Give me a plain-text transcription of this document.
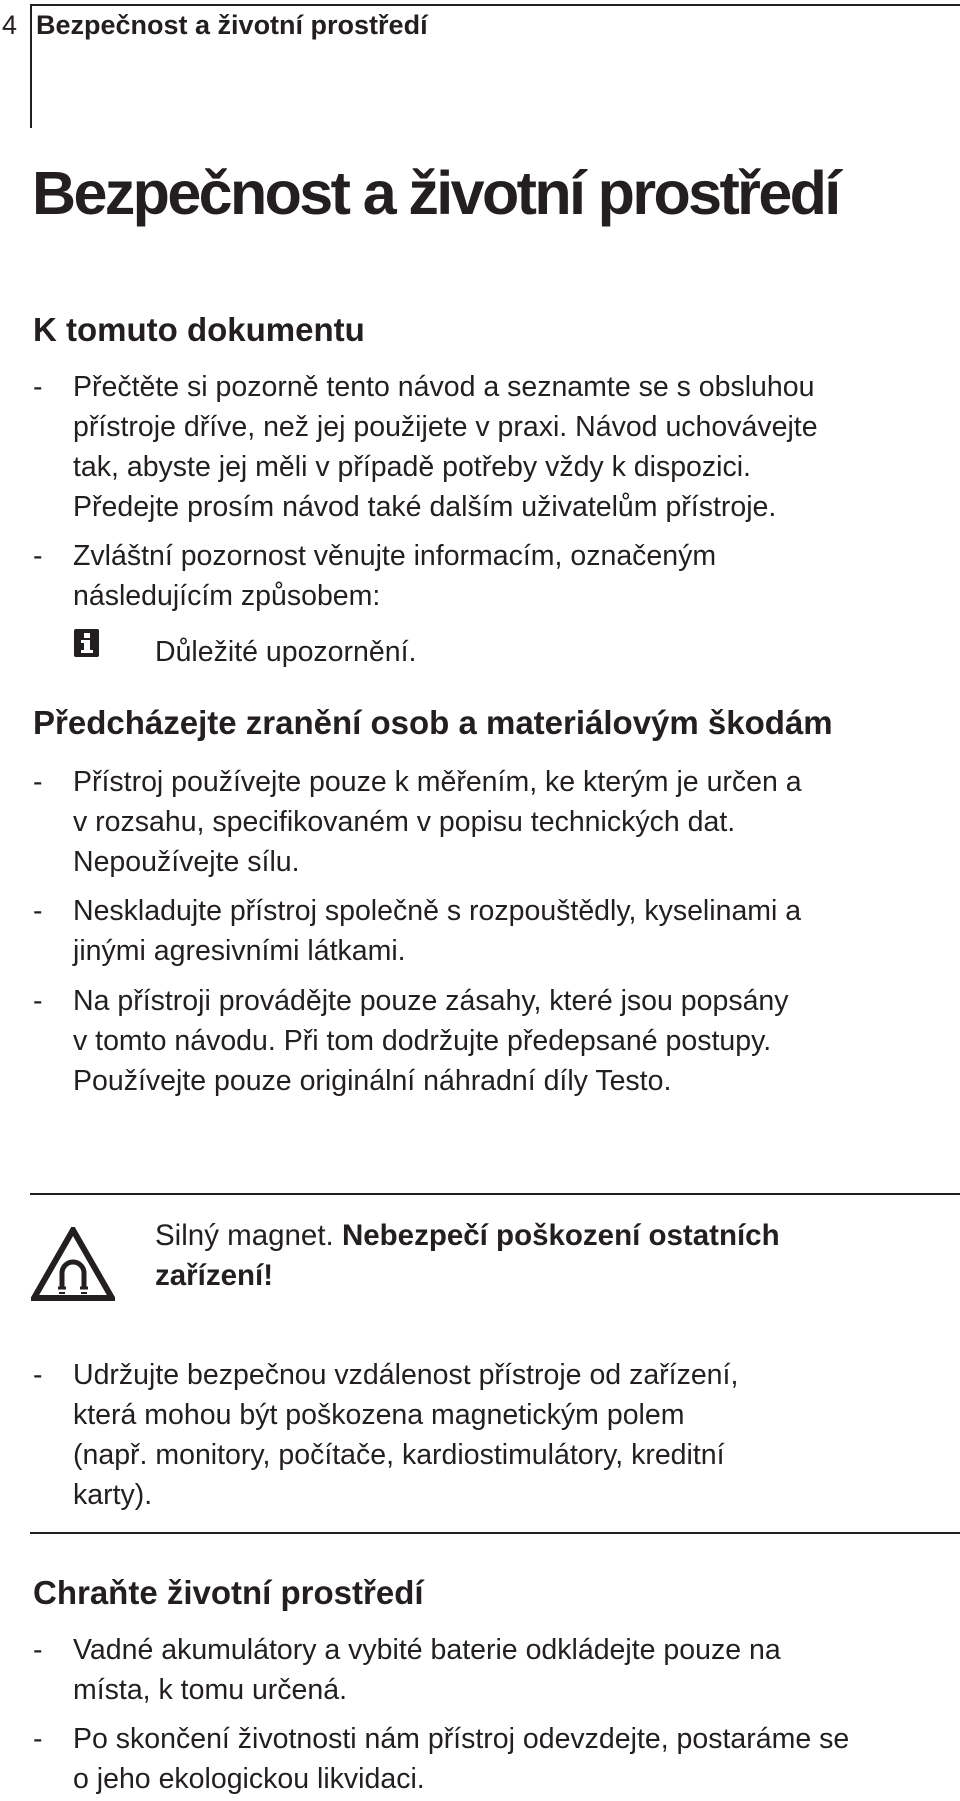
4 Bezpečnost a životní prostředí
Bezpečnost a životní prostředí
K tomuto dokumentu
- Přečtěte si pozorně tento návod a seznamte se s obsluhou
přístroje dříve, než jej použijete v praxi. Návod uchovávejte
tak, abyste jej měli v případě potřeby vždy k dispozici.
Předejte prosím návod také dalším uživatelům přístroje.
- Zvláštní pozornost věnujte informacím, označeným
následujícím způsobem:
Důležité upozornění.
Předcházejte zranění osob a materiálovým škodám
- Přístroj používejte pouze k měřením, ke kterým je určen a
v rozsahu, specifikovaném v popisu technických dat.
Nepoužívejte sílu.
- Neskladujte přístroj společně s rozpouštědly, kyselinami a
jinými agresivními látkami.
- Na přístroji provádějte pouze zásahy, které jsou popsány
v tomto návodu. Při tom dodržujte předepsané postupy.
Používejte pouze originální náhradní díly Testo.
Silný magnet. Nebezpečí poškození ostatních
zařízení!
- Udržujte bezpečnou vzdálenost přístroje od zařízení,
která mohou být poškozena magnetickým polem
(např. monitory, počítače, kardiostimulátory, kreditní
karty).
Chraňte životní prostředí
- Vadné akumulátory a vybité baterie odkládejte pouze na
místa, k tomu určená.
- Po skončení životnosti nám přístroj odevzdejte, postaráme se
o jeho ekologickou likvidaci.
